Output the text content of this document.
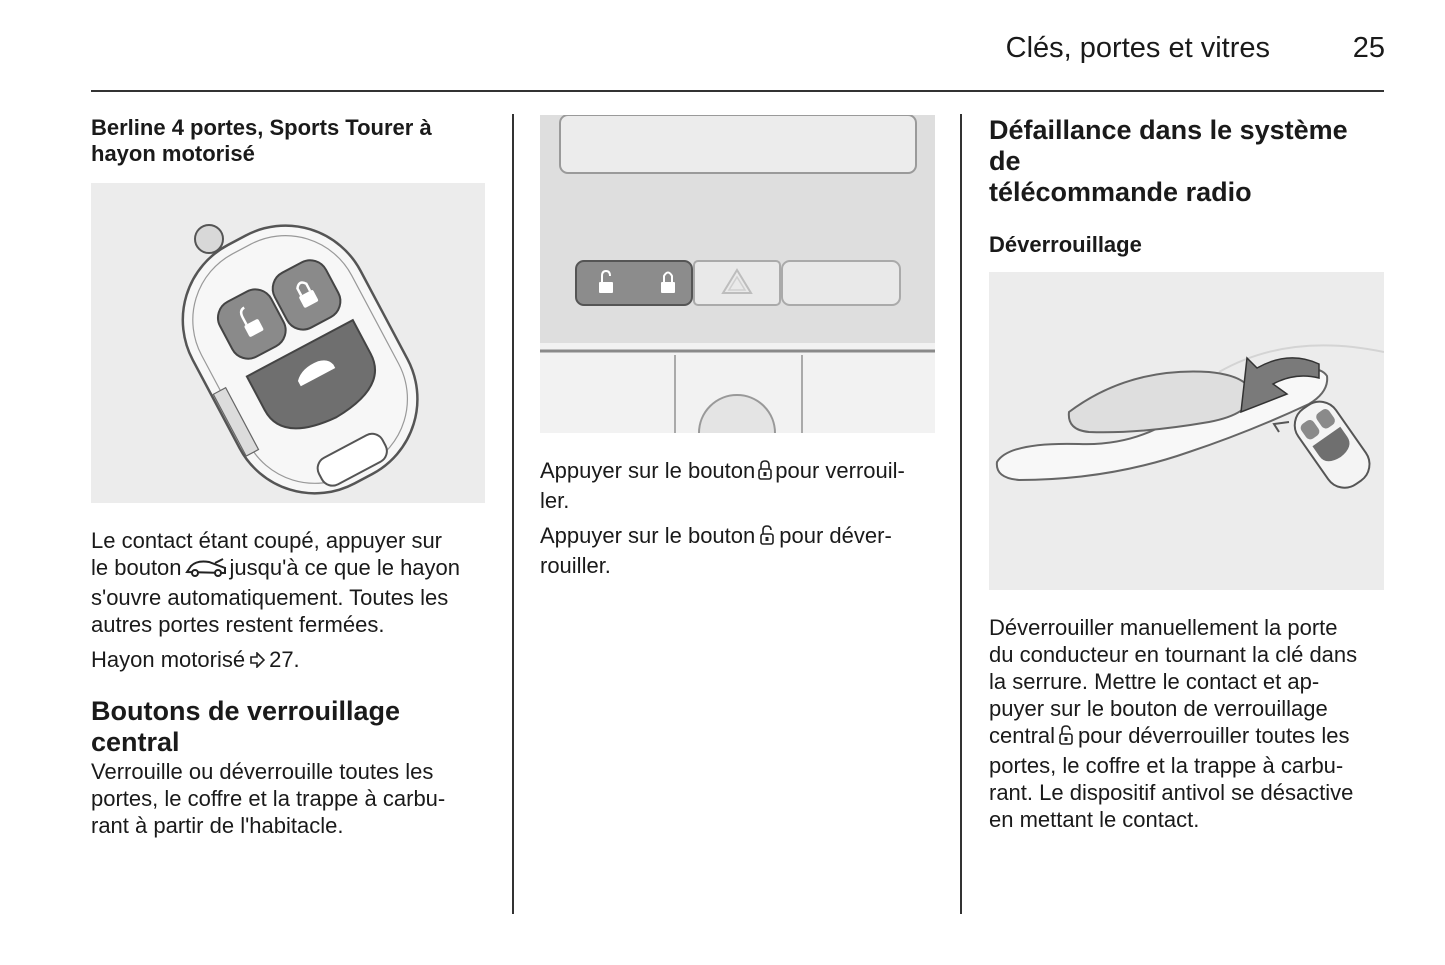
Clés, portes et vitres	25
Berline 4 portes, Sports Tourer à hayon motorisé

Le contact étant coupé, appuyer sur

le bouton jusqu'à ce que le hayon

s'ouvre automatiquement. Toutes les

autres portes restent fermées.

Hayon motorisé 27.

Boutons de verrouillage central

Verrouille ou déverrouille toutes les

portes, le coffre et la trappe à carbu-

rant à partir de l'habitacle.

Appuyer sur le bouton pour verrouil-

ler.

Appuyer sur le bouton pour déver-

rouiller.

Défaillance dans le système de
télécommande radio
Déverrouillage

Déverrouiller manuellement la porte

du conducteur en tournant la clé dans

la serrure. Mettre le contact et ap-

puyer sur le bouton de verrouillage

central pour déverrouiller toutes les

portes, le coffre et la trappe à carbu-

rant. Le dispositif antivol se désactive

en mettant le contact.
